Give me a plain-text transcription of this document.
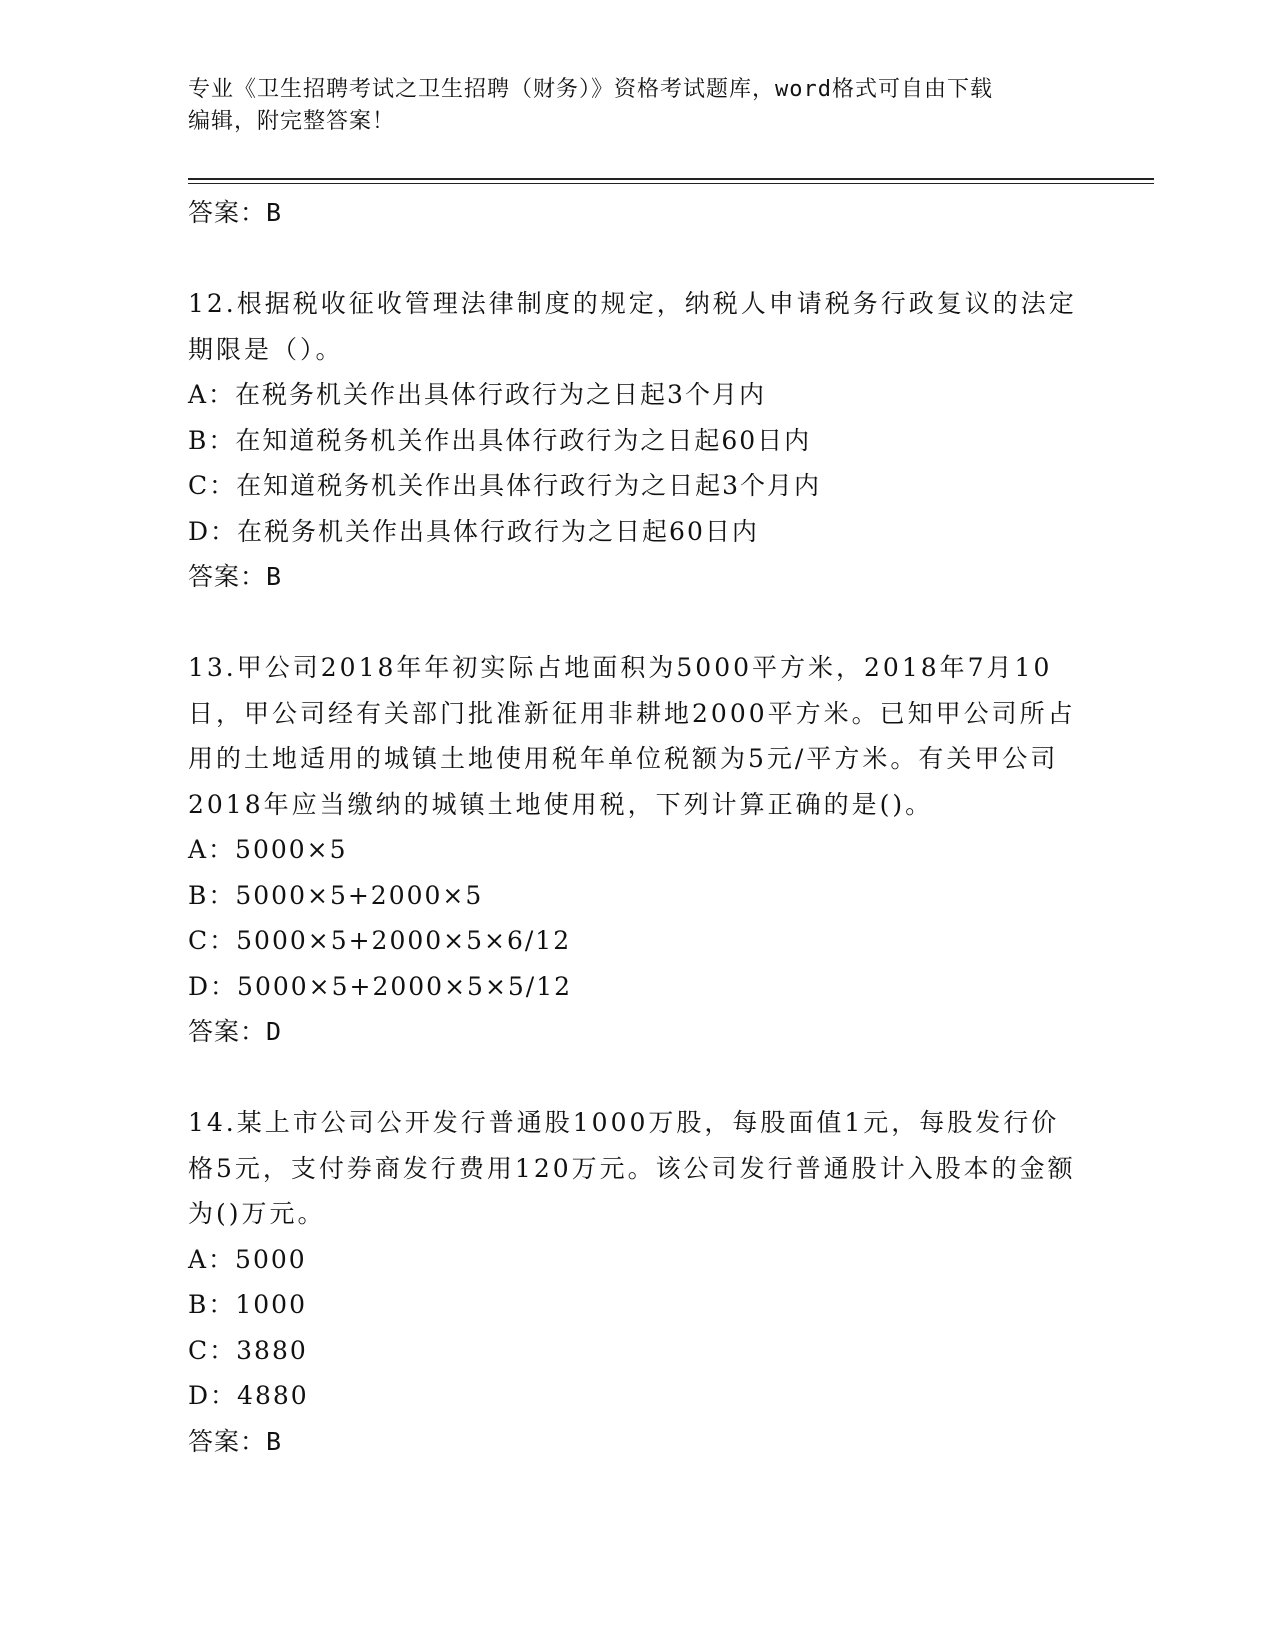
专业《卫生招聘考试之卫生招聘（财务）》资格考试题库，word格式可自由下载
编辑，附完整答案！
答案：B
12.根据税收征收管理法律制度的规定，纳税人申请税务行政复议的法定期限是（）。
A：在税务机关作出具体行政行为之日起3个月内
B：在知道税务机关作出具体行政行为之日起60日内
C：在知道税务机关作出具体行政行为之日起3个月内
D：在税务机关作出具体行政行为之日起60日内
答案：B
13.甲公司2018年年初实际占地面积为5000平方米，2018年7月10日，甲公司经有关部门批准新征用非耕地2000平方米。已知甲公司所占用的土地适用的城镇土地使用税年单位税额为5元/平方米。有关甲公司2018年应当缴纳的城镇土地使用税，下列计算正确的是()。
A：5000×5
B：5000×5+2000×5
C：5000×5+2000×5×6/12
D：5000×5+2000×5×5/12
答案：D
14.某上市公司公开发行普通股1000万股，每股面值1元，每股发行价格5元，支付券商发行费用120万元。该公司发行普通股计入股本的金额为()万元。
A：5000
B：1000
C：3880
D：4880
答案：B
